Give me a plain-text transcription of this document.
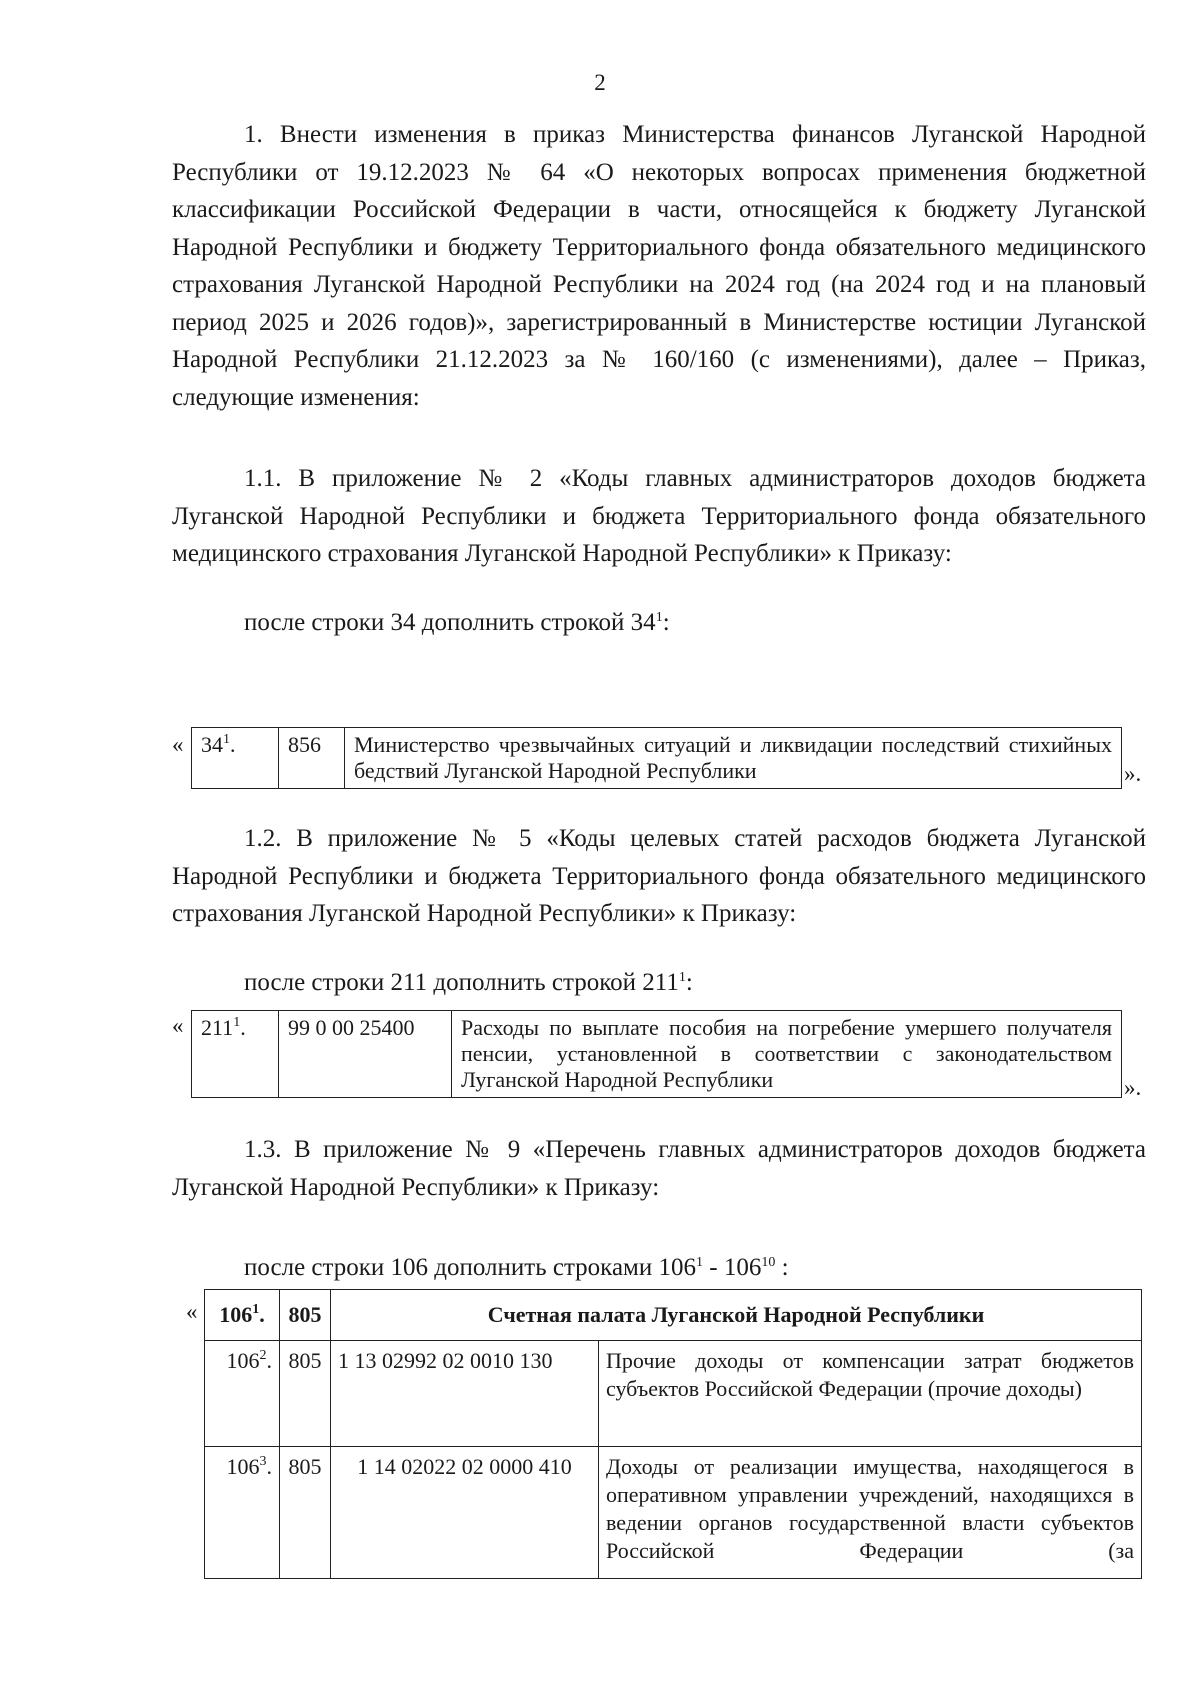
2

1. Внести изменения в приказ Министерства финансов Луганской Народной Республики от 19.12.2023 № 64 «О некоторых вопросах применения бюджетной классификации Российской Федерации в части, относящейся к бюджету Луганской Народной Республики и бюджету Территориального фонда обязательного медицинского страхования Луганской Народной Республики на 2024 год (на 2024 год и на плановый период 2025 и 2026 годов)», зарегистрированный в Министерстве юстиции Луганской Народной Республики 21.12.2023 за № 160/160 (с изменениями), далее – Приказ, следующие изменения:

1.1. В приложение № 2 «Коды главных администраторов доходов бюджета Луганской Народной Республики и бюджета Территориального фонда обязательного медицинского страхования Луганской Народной Республики» к Приказу:

после строки 34 дополнить строкой $34^1$:

« $34^1$.	856	Министерство чрезвычайных ситуаций и ликвидации последствий стихийных бедствий Луганской Народной Республики	».

1.2. В приложение № 5 «Коды целевых статей расходов бюджета Луганской Народной Республики и бюджета Территориального фонда обязательного медицинского страхования Луганской Народной Республики» к Приказу:

после строки 211 дополнить строкой $211^1$:

« $211^1$.	99 0 00 25400	Расходы по выплате пособия на погребение умершего получателя пенсии, установленной в соответствии с законодательством Луганской Народной Республики	».

1.3. В приложение № 9 «Перечень главных администраторов доходов бюджета Луганской Народной Республики» к Приказу:

после строки 106 дополнить строками $106^1 - 106^{10}$ :

« $106^1$.	805	Счетная палата Луганской Народной Республики	
$106^2$.	805	1 13 02992 02 0010 130	Прочие доходы от компенсации затрат бюджетов субъектов Российской Федерации (прочие доходы)
$106^3$.	805	1 14 02022 02 0000 410	Доходы от реализации имущества, находящегося в оперативном управлении учреждений, находящихся в ведении органов государственной власти субъектов Российской Федерации (за
